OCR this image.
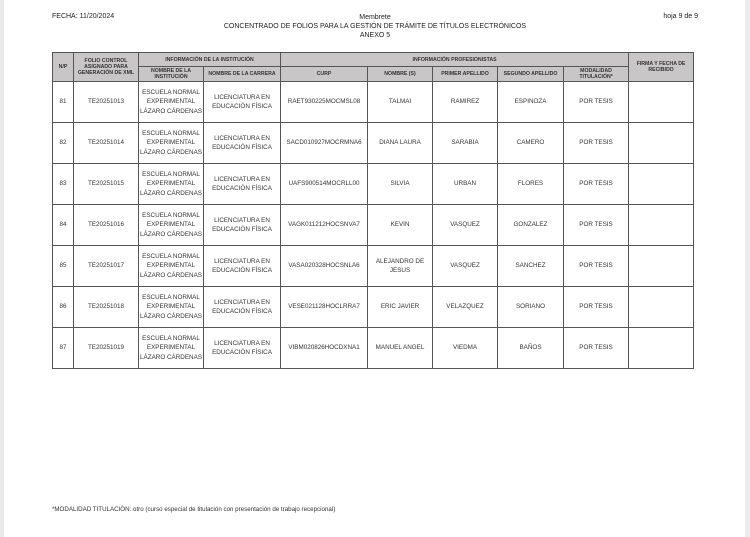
FECHA: 11/20/2024	Membrete
CONCENTRADO DE FOLIOS PARA LA GESTIÓN DE TRÁMITE DE TÍTULOS ELECTRÓNICOS
ANEXO 5
hoja 9 de 9
N/P	FOLIO CONTROL ASIGNADO PARA GENERACIÓN DE XML	INFORMACIÓN DE LA INSTITUCIÓN		INFORMACIÓN PROFESIONISTAS					FIRMA Y FECHA DE RECIBIDO
		NOMBRE DE LA INSTITUCIÓN	NOMBRE DE LA CARRERA	CURP	NOMBRE (S)	PRIMER APELLIDO	SEGUNDO APELLIDO	MODALIDAD TITULACIÓN*	
81	TE20251013	ESCUELA NORMAL EXPERIMENTAL LÁZARO CÁRDENAS	LICENCIATURA EN EDUCACIÓN FÍSICA	RAET930225MOCMSL08	TALMAI	RAMIREZ	ESPINOZA	POR TESIS	
82	TE20251014	ESCUELA NORMAL EXPERIMENTAL LÁZARO CÁRDENAS	LICENCIATURA EN EDUCACIÓN FÍSICA	SACD010927MOCRMNA6	DIANA LAURA	SARABIA	CAMERO	POR TESIS	
83	TE20251015	ESCUELA NORMAL EXPERIMENTAL LÁZARO CÁRDENAS	LICENCIATURA EN EDUCACIÓN FÍSICA	UAFS900514MOCRLL00	SILVIA	URBAN	FLORES	POR TESIS	
84	TE20251016	ESCUELA NORMAL EXPERIMENTAL LÁZARO CÁRDENAS	LICENCIATURA EN EDUCACIÓN FÍSICA	VAGK011212HOCSNVA7	KEVIN	VASQUEZ	GONZALEZ	POR TESIS	
85	TE20251017	ESCUELA NORMAL EXPERIMENTAL LÁZARO CÁRDENAS	LICENCIATURA EN EDUCACIÓN FÍSICA	VASA020328HOCSNLA6	ALEJANDRO DE JESUS	VASQUEZ	SANCHEZ	POR TESIS	
86	TE20251018	ESCUELA NORMAL EXPERIMENTAL LÁZARO CÁRDENAS	LICENCIATURA EN EDUCACIÓN FÍSICA	VESE021128HOCLRRA7	ERIC JAVIER	VELAZQUEZ	SORIANO	POR TESIS	
87	TE20251019	ESCUELA NORMAL EXPERIMENTAL LÁZARO CÁRDENAS	LICENCIATURA EN EDUCACIÓN FÍSICA	VIBM020826HOCDXNA1	MANUEL ANGEL	VIEDMA	BAÑOS	POR TESIS	
*MODALIDAD TITULACIÓN: otro (curso especial de titulación con presentación de trabajo recepcional)
